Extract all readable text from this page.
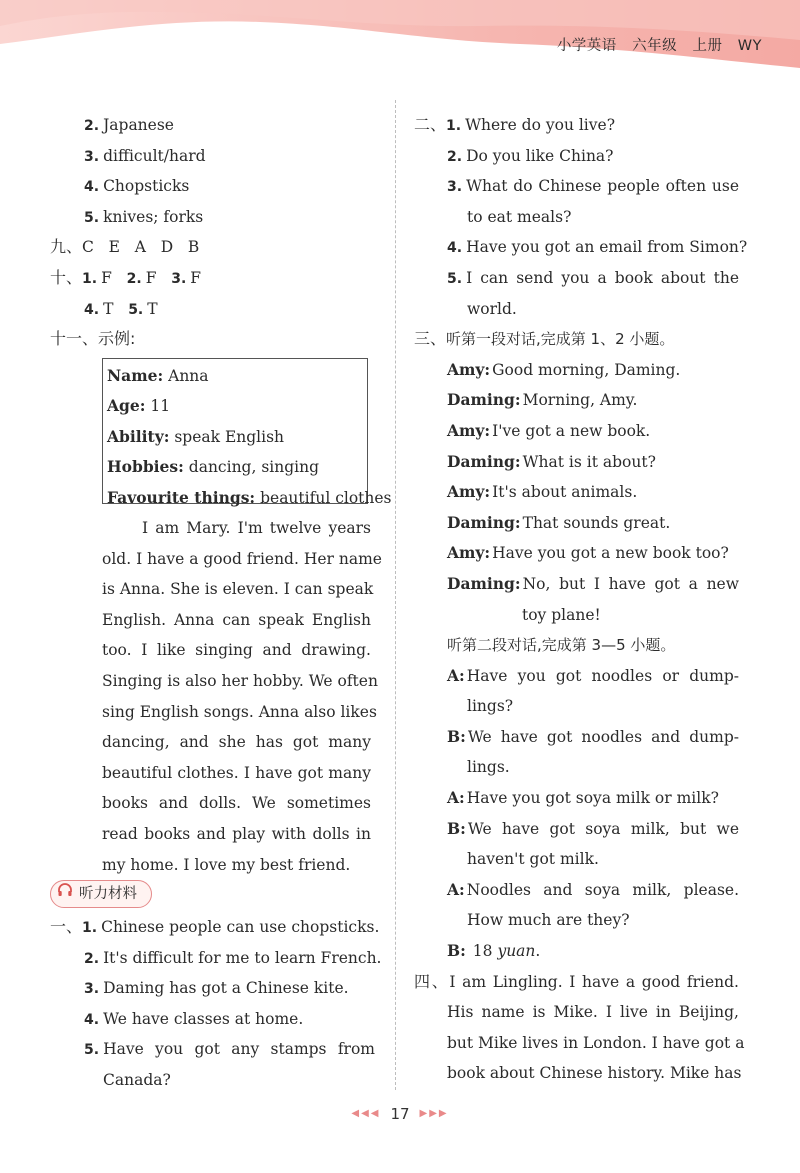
小学英语   六年级   上册   WY
2. Japanese
3. difficult/hard
4. Chopsticks
5. knives; forks
九、C   E   A   D   B
十、1. F 2. F 3. F
4. T 5. T
十一、示例:
Name: Anna
Age: 11
Ability: speak English
Hobbies: dancing, singing
Favourite things: beautiful clothes
I am Mary. I'm twelve years
old. I have a good friend. Her name
is Anna. She is eleven. I can speak
English. Anna can speak English
too. I like singing and drawing.
Singing is also her hobby. We often
sing English songs. Anna also likes
dancing, and she has got many
beautiful clothes. I have got many
books and dolls. We sometimes
read books and play with dolls in
my home. I love my best friend.
听力材料
一、1. Chinese people can use chopsticks.
2. It's difficult for me to learn French.
3. Daming has got a Chinese kite.
4. We have classes at home.
5. Have you got any stamps from
Canada?
二、1. Where do you live?
2. Do you like China?
3. What do Chinese people often use
to eat meals?
4. Have you got an email from Simon?
5. I can send you a book about the
world.
三、听第一段对话,完成第 1、2 小题。
Amy: Good morning, Daming.
Daming: Morning, Amy.
Amy: I've got a new book.
Daming: What is it about?
Amy: It's about animals.
Daming: That sounds great.
Amy: Have you got a new book too?
Daming: No, but I have got a new
toy plane!
听第二段对话,完成第 3—5 小题。
A: Have you got noodles or dump-
lings?
B: We have got noodles and dump-
lings.
A: Have you got soya milk or milk?
B: We have got soya milk, but we
haven't got milk.
A: Noodles and soya milk, please.
How much are they?
B: 18 yuan.
四、I am Lingling. I have a good friend.
His name is Mike. I live in Beijing,
but Mike lives in London. I have got a
book about Chinese history. Mike has
◀◀◀ 17 ▶▶▶
